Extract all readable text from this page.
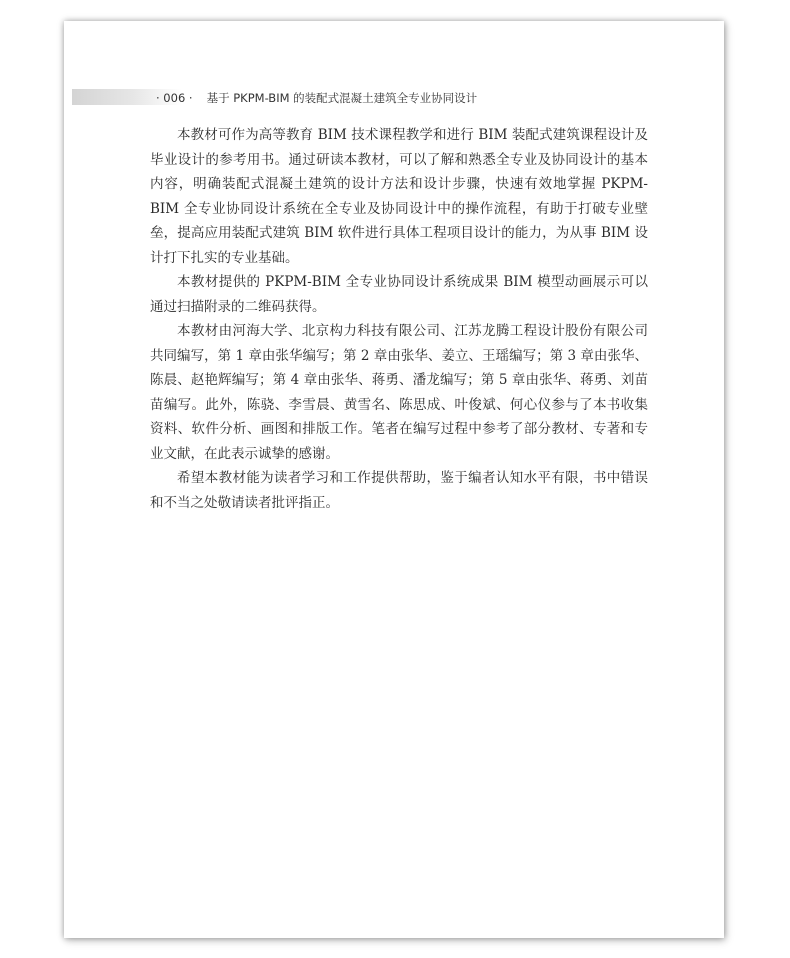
· 006 · 基于 PKPM-BIM 的装配式混凝土建筑全专业协同设计

本教材可作为高等教育 BIM 技术课程教学和进行 BIM 装配式建筑课程设计及毕业设计的参考用书。通过研读本教材，可以了解和熟悉全专业及协同设计的基本内容，明确装配式混凝土建筑的设计方法和设计步骤，快速有效地掌握 PKPM-BIM 全专业协同设计系统在全专业及协同设计中的操作流程，有助于打破专业壁垒，提高应用装配式建筑 BIM 软件进行具体工程项目设计的能力，为从事 BIM 设计打下扎实的专业基础。

本教材提供的 PKPM-BIM 全专业协同设计系统成果 BIM 模型动画展示可以通过扫描附录的二维码获得。

本教材由河海大学、北京构力科技有限公司、江苏龙腾工程设计股份有限公司共同编写，第 1 章由张华编写；第 2 章由张华、姜立、王瑶编写；第 3 章由张华、陈晨、赵艳辉编写；第 4 章由张华、蒋勇、潘龙编写；第 5 章由张华、蒋勇、刘苗苗编写。此外，陈骁、李雪晨、黄雪名、陈思成、叶俊斌、何心仪参与了本书收集资料、软件分析、画图和排版工作。笔者在编写过程中参考了部分教材、专著和专业文献，在此表示诚挚的感谢。

希望本教材能为读者学习和工作提供帮助，鉴于编者认知水平有限，书中错误和不当之处敬请读者批评指正。
